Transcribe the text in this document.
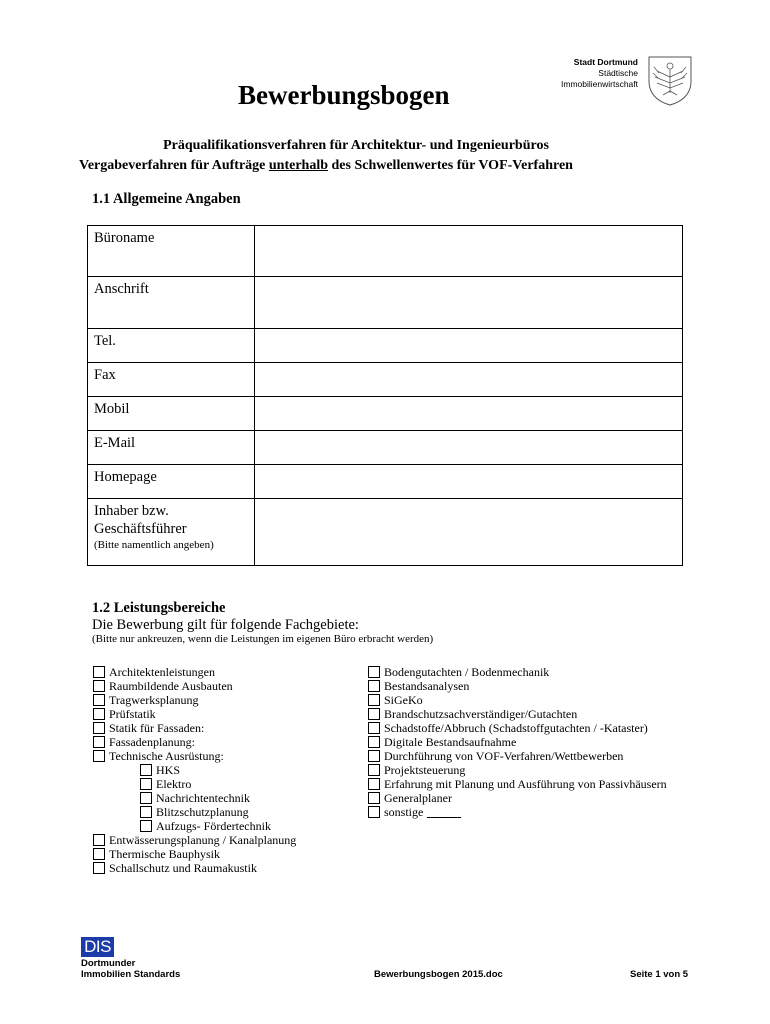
Stadt Dortmund
Städtische
Immobilienwirtschaft
Bewerbungsbogen
Präqualifikationsverfahren für Architektur- und Ingenieurbüros
Vergabeverfahren für Aufträge unterhalb des Schwellenwertes für VOF-Verfahren
1.1 Allgemeine Angaben
Büroname	

Anschrift	

Tel.	

Fax	

Mobil	

E-Mail	

Homepage	

Inhaber bzw.
Geschäftsführer
(Bitte namentlich angeben)	

1.2 Leistungsbereiche
Die Bewerbung gilt für folgende Fachgebiete:
(Bitte nur ankreuzen, wenn die Leistungen im eigenen Büro erbracht werden)
Architektenleistungen
Raumbildende Ausbauten
Tragwerksplanung
Prüfstatik
Statik für Fassaden:
Fassadenplanung:
Technische Ausrüstung:
HKS
Elektro
Nachrichtentechnik
Blitzschutzplanung
Aufzugs- Fördertechnik
Entwässerungsplanung / Kanalplanung
Thermische Bauphysik
Schallschutz und Raumakustik
Bodengutachten / Bodenmechanik
Bestandsanalysen
SiGeKo
Brandschutzsachverständiger/Gutachten
Schadstoffe/Abbruch (Schadstoffgutachten / -Kataster)
Digitale Bestandsaufnahme
Durchführung von VOF-Verfahren/Wettbewerben
Projektsteuerung
Erfahrung mit Planung und Ausführung von Passivhäusern
Generalplaner
sonstige
DIS
Dortmunder
Immobilien Standards	Bewerbungsbogen 2015.doc	Seite 1 von 5
